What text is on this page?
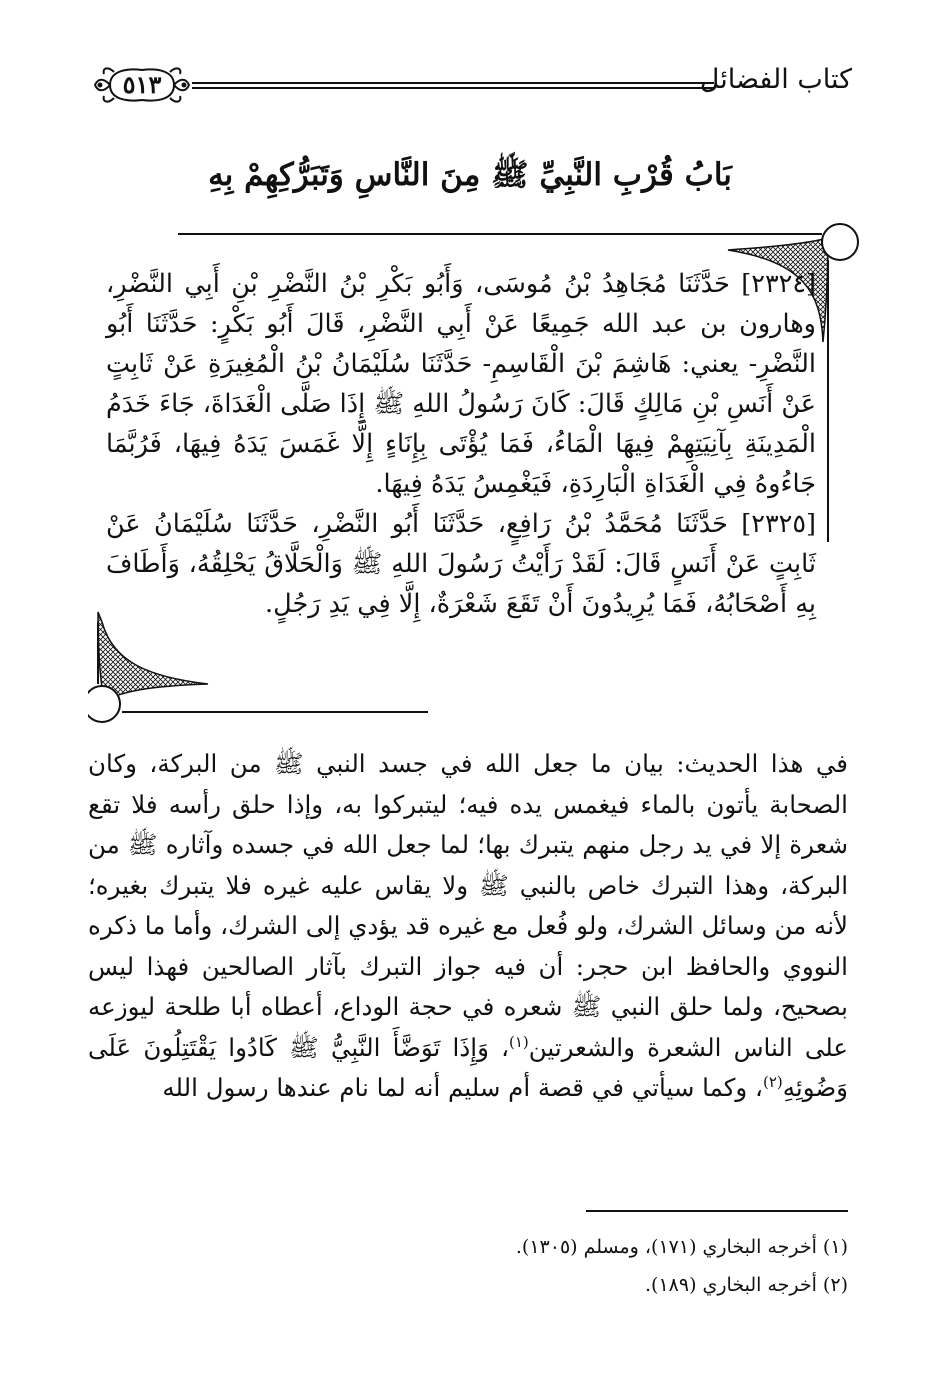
كتاب الفضائل
٥١٣
بَابُ قُرْبِ النَّبِيِّ ﷺ مِنَ النَّاسِ وَتَبَرُّكِهِمْ بِهِ

[٢٣٢٤] حَدَّثَنَا مُجَاهِدُ بْنُ مُوسَى، وَأَبُو بَكْرِ بْنُ النَّضْرِ بْنِ أَبِي النَّضْرِ، وهارون بن عبد الله جَمِيعًا عَنْ أَبِي النَّضْرِ، قَالَ أَبُو بَكْرٍ: حَدَّثَنَا أَبُو النَّضْرِ- يعني: هَاشِمَ بْنَ الْقَاسِمِ- حَدَّثَنَا سُلَيْمَانُ بْنُ الْمُغِيرَةِ عَنْ ثَابِتٍ عَنْ أَنَسِ بْنِ مَالِكٍ قَالَ: كَانَ رَسُولُ اللهِ ﷺ إِذَا صَلَّى الْغَدَاةَ، جَاءَ خَدَمُ الْمَدِينَةِ بِآنِيَتِهِمْ فِيهَا الْمَاءُ، فَمَا يُؤْتَى بِإِنَاءٍ إِلَّا غَمَسَ يَدَهُ فِيهَا، فَرُبَّمَا جَاءُوهُ فِي الْغَدَاةِ الْبَارِدَةِ، فَيَغْمِسُ يَدَهُ فِيهَا.

[٢٣٢٥] حَدَّثَنَا مُحَمَّدُ بْنُ رَافِعٍ، حَدَّثَنَا أَبُو النَّضْرِ، حَدَّثَنَا سُلَيْمَانُ عَنْ ثَابِتٍ عَنْ أَنَسٍ قَالَ: لَقَدْ رَأَيْتُ رَسُولَ اللهِ ﷺ وَالْحَلَّاقُ يَحْلِقُهُ، وَأَطَافَ بِهِ أَصْحَابُهُ، فَمَا يُرِيدُونَ أَنْ تَقَعَ شَعْرَةٌ، إِلَّا فِي يَدِ رَجُلٍ.

في هذا الحديث: بيان ما جعل الله في جسد النبي ﷺ من البركة، وكان الصحابة يأتون بالماء فيغمس يده فيه؛ ليتبركوا به، وإذا حلق رأسه فلا تقع شعرة إلا في يد رجل منهم يتبرك بها؛ لما جعل الله في جسده وآثاره ﷺ من البركة، وهذا التبرك خاص بالنبي ﷺ ولا يقاس عليه غيره فلا يتبرك بغيره؛ لأنه من وسائل الشرك، ولو فُعل مع غيره قد يؤدي إلى الشرك، وأما ما ذكره النووي والحافظ ابن حجر: أن فيه جواز التبرك بآثار الصالحين فهذا ليس بصحيح، ولما حلق النبي ﷺ شعره في حجة الوداع، أعطاه أبا طلحة ليوزعه على الناس الشعرة والشعرتين$^{(١)}$، وَإِذَا تَوَضَّأَ النَّبِيُّ ﷺ كَادُوا يَقْتَتِلُونَ عَلَى وَضُوئِهِ$^{(٢)}$، وكما سيأتي في قصة أم سليم أنه لما نام عندها رسول الله

(١) أخرجه البخاري (١٧١)، ومسلم (١٣٠٥).
(٢) أخرجه البخاري (١٨٩).
